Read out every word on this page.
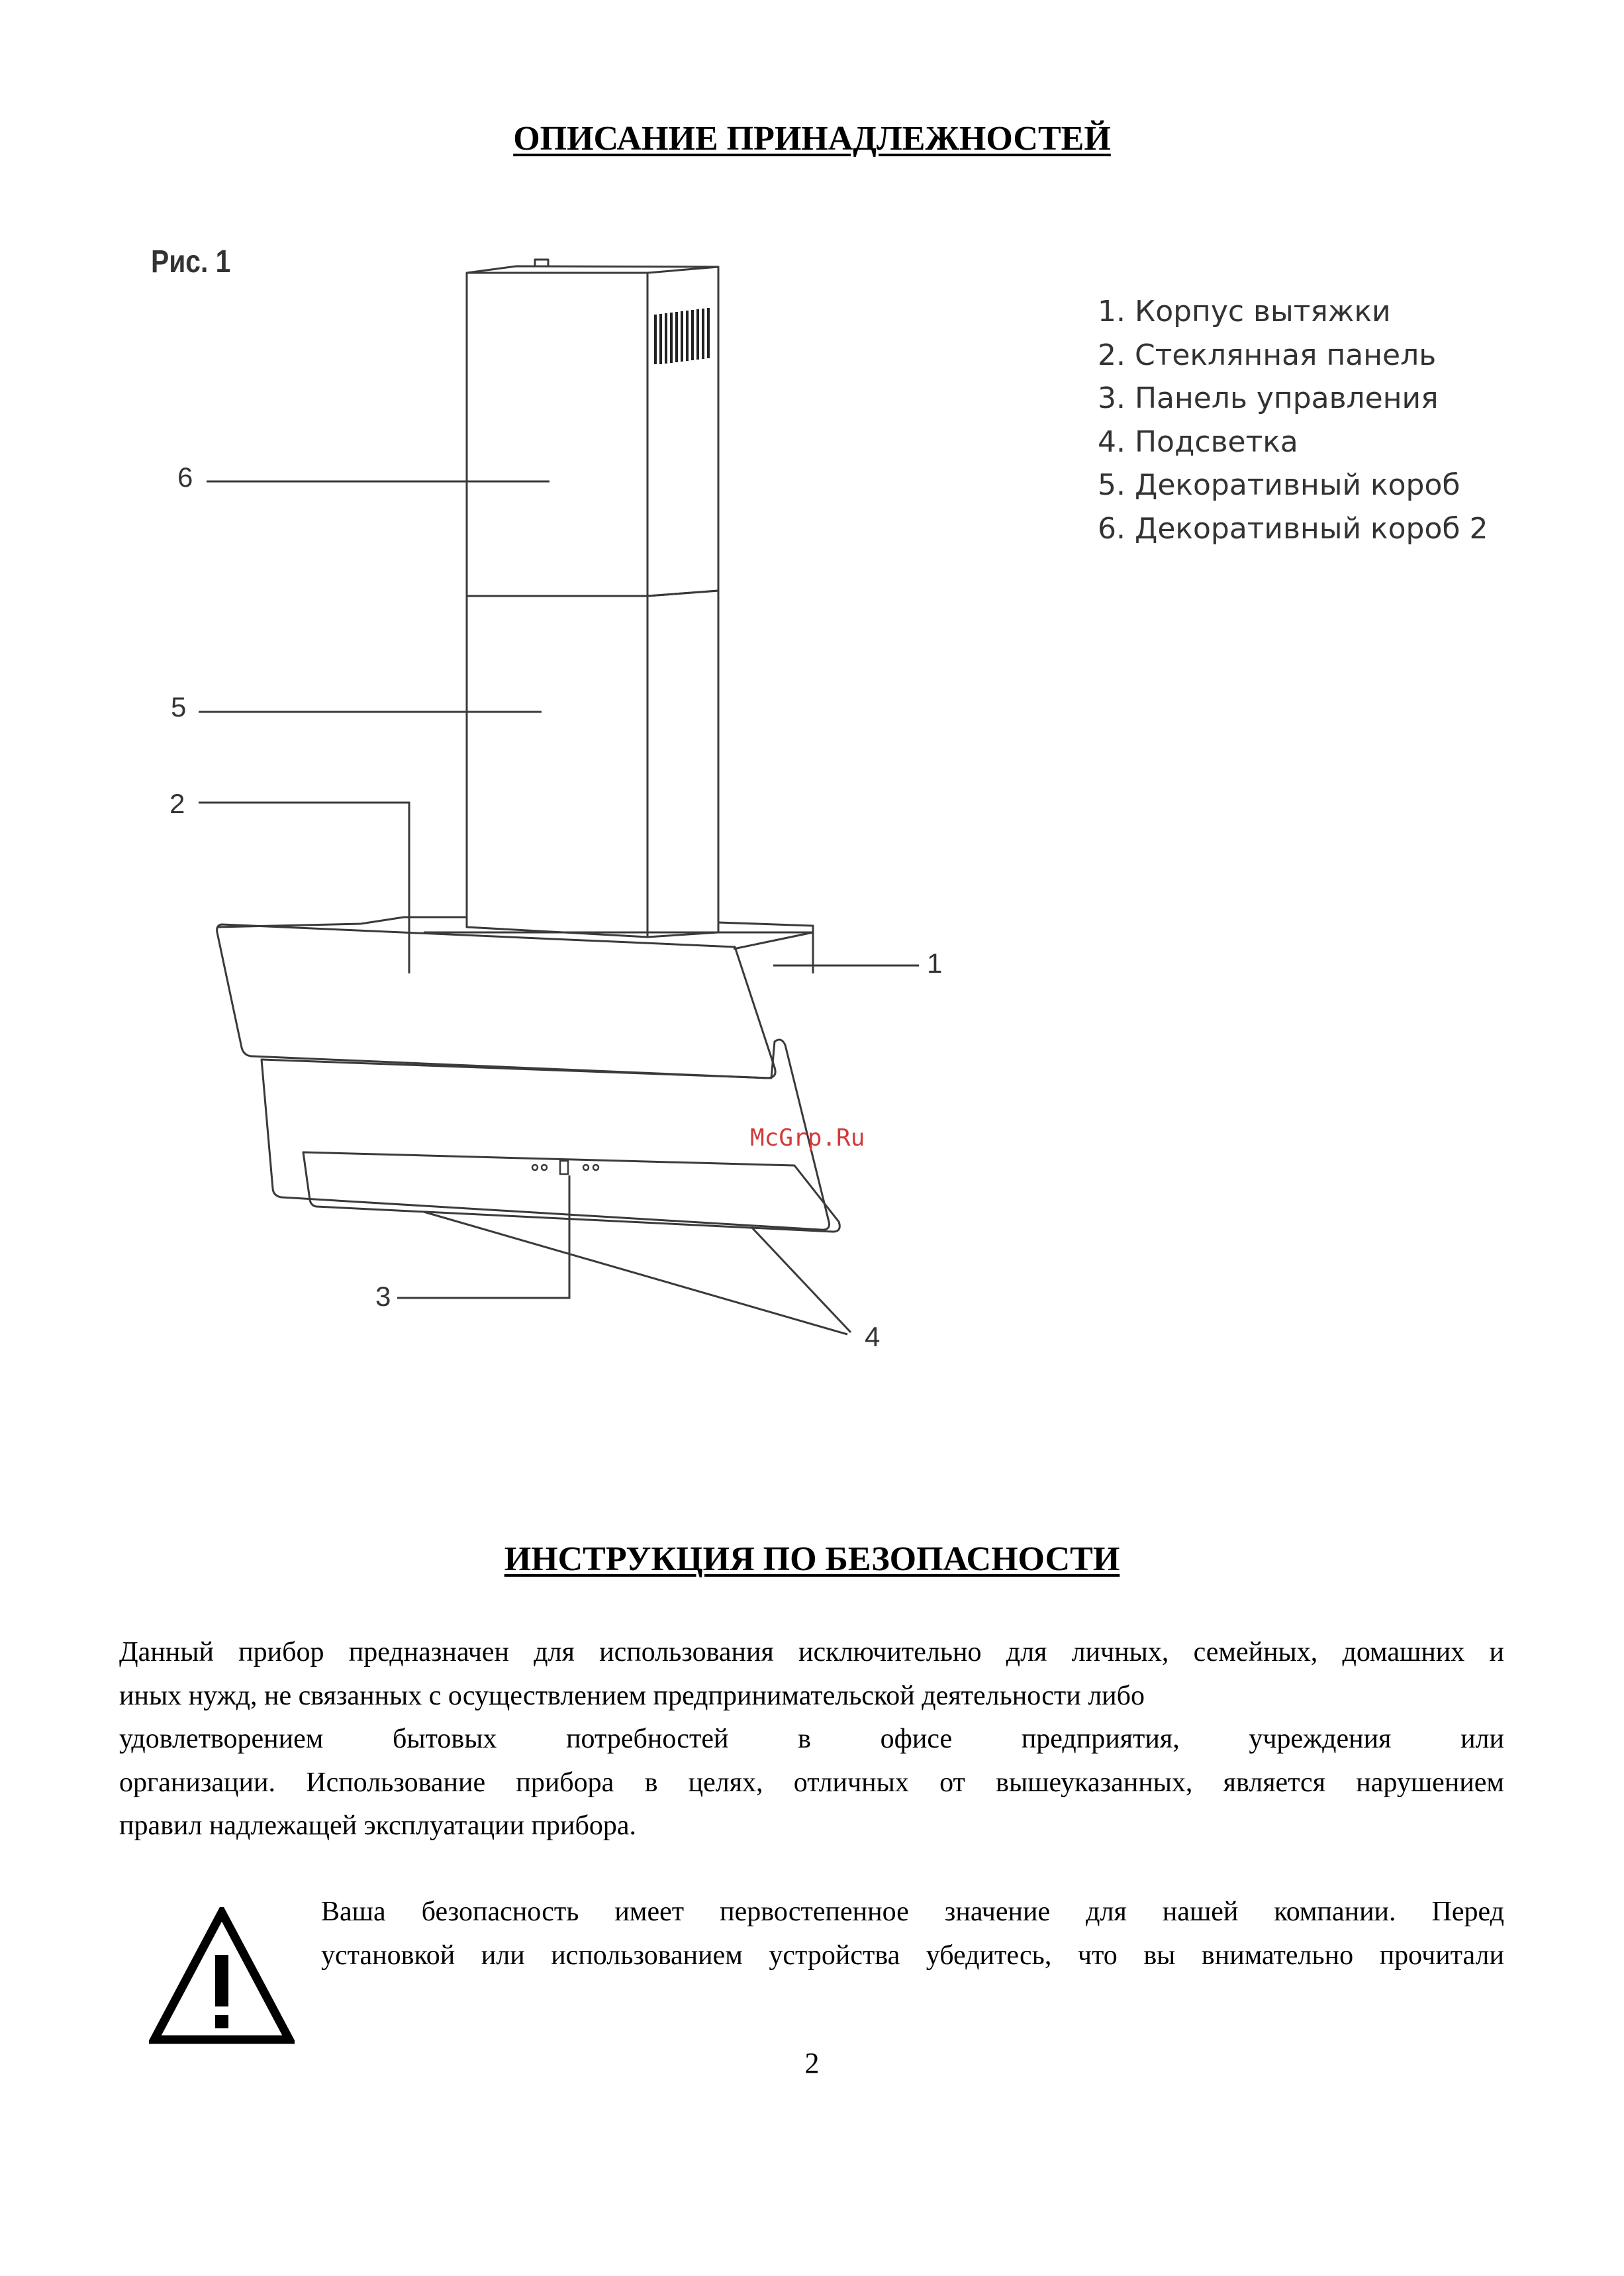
ОПИСАНИЕ ПРИНАДЛЕЖНОСТЕЙ
Рис. 1
1. Корпус вытяжки
2. Стеклянная панель
3. Панель управления
4. Подсветка
5. Декоративный короб
6. Декоративный короб 2
6
5
2
1
3
4
McGrp.Ru
ИНСТРУКЦИЯ ПО БЕЗОПАСНОСТИ
Данный прибор предназначен для использования исключительно для личных, семейных, домашних и
иных нужд, не связанных с осуществлением предпринимательской деятельности либо
удовлетворением бытовых потребностей в офисе предприятия, учреждения или
организации. Использование прибора в целях, отличных от вышеуказанных, является нарушением
правил надлежащей эксплуатации прибора.
Ваша безопасность имеет первостепенное значение для нашей компании. Перед
установкой или использованием устройства убедитесь, что вы внимательно прочитали
2
